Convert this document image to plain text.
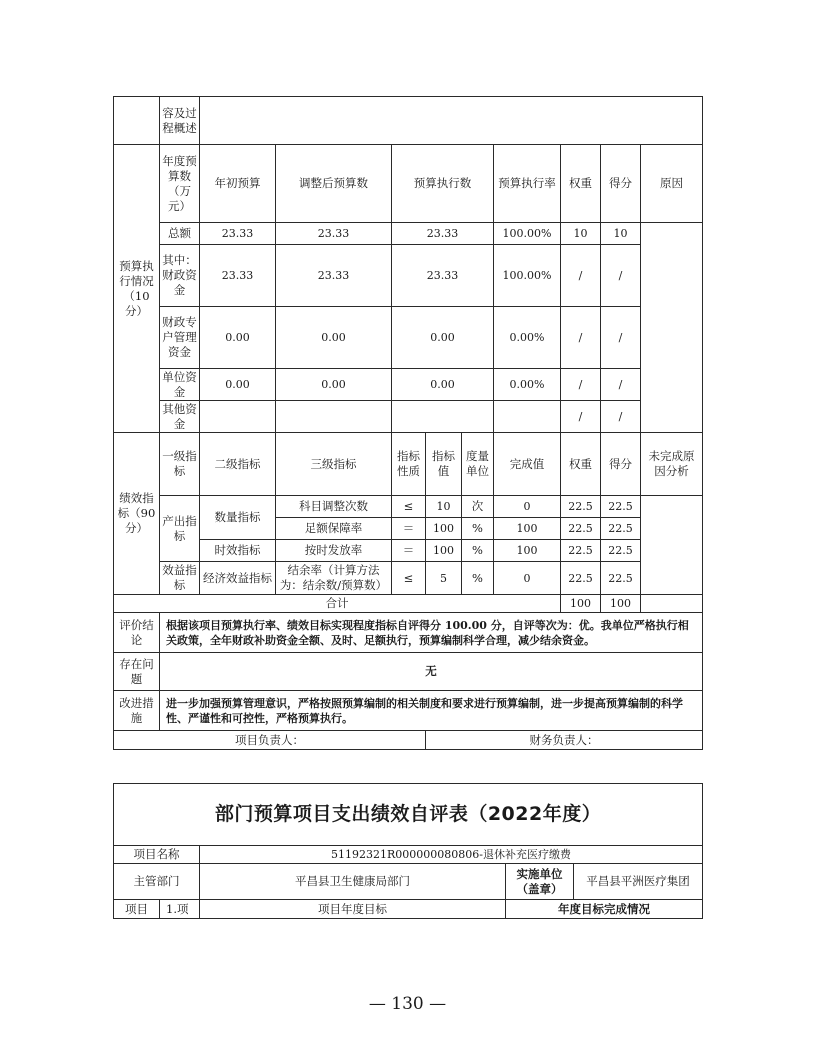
	容及过程概述									
预算执行情况（10分）	年度预算数（万元）	年初预算	调整后预算数	预算执行数			预算执行率	权重	得分	原因
	总额	23.33	23.33	23.33			100.00%	10	10	
	其中：财政资金	23.33	23.33	23.33			100.00%	/	/	
	财政专户管理资金	0.00	0.00	0.00			0.00%	/	/	
	单位资金	0.00	0.00	0.00			0.00%	/	/	
	其他资金							/	/	
绩效指标（90分）	一级指标	二级指标	三级指标	指标性质	指标值	度量单位	完成值	权重	得分	未完成原因分析
	产出指标	数量指标	科目调整次数	≤	10	次	0	22.5	22.5	
			足额保障率	＝	100	%	100	22.5	22.5	
		时效指标	按时发放率	＝	100	%	100	22.5	22.5	
	效益指标	经济效益指标	结余率（计算方法为：结余数/预算数）	≤	5	%	0	22.5	22.5	
合计								100	100	
评价结论	根据该项目预算执行率、绩效目标实现程度指标自评得分 100.00 分，自评等次为：优。我单位严格执行相关政策，全年财政补助资金全额、及时、足额执行，预算编制科学合理，减少结余资金。									
存在问题	无									
改进措施	进一步加强预算管理意识，严格按照预算编制的相关制度和要求进行预算编制，进一步提高预算编制的科学性、严谨性和可控性，严格预算执行。									
项目负责人：					财务负责人：					
部门预算项目支出绩效自评表（2022年度）				
项目名称		51192321R000000080806-退休补充医疗缴费		
主管部门		平昌县卫生健康局部门	实施单位（盖章）	平昌县平洲医疗集团
项目	1.项	项目年度目标	年度目标完成情况	
— 130 —
